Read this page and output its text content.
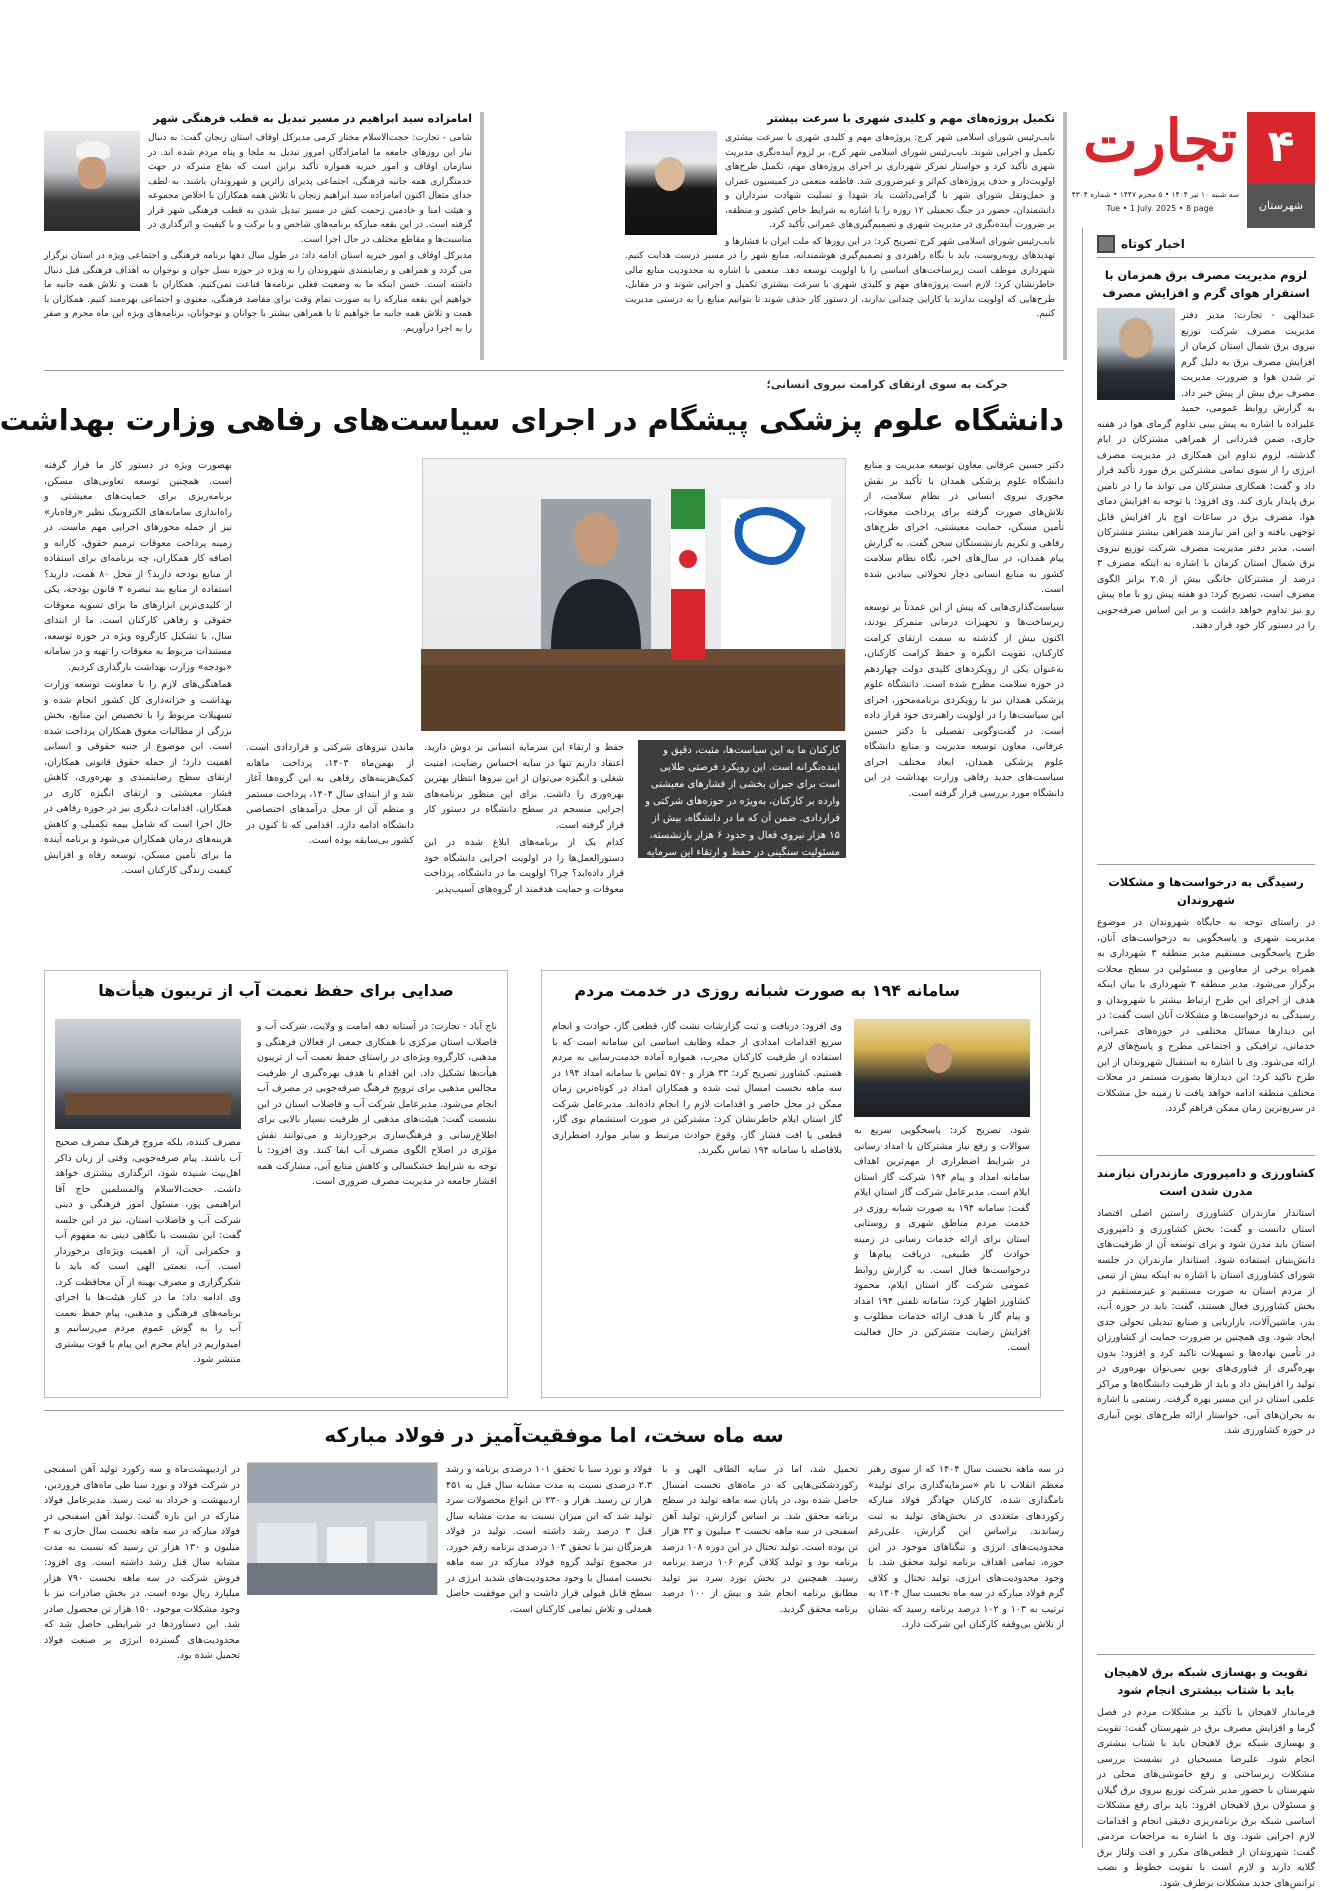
۴
شهرستان
تجارت
سه شنبه ۱۰ تیر ۱۴۰۴ • ۵ محرم ۱۴۴۷ • شماره ۴۳۰۴
Tue • 1 July. 2025 • 8 page
اخبار کوتاه
لزوم مدیریت مصرف برق همزمان با استقرار هوای گرم و افزایش مصرف
عبدالهی - تجارت: مدیر دفتر مدیریت مصرف شرکت توزیع نیروی برق شمال استان کرمان از افزایش مصرف برق به دلیل گرم تر شدن هوا و ضرورت مدیریت مصرف برق بیش از پیش خبر داد. به گزارش روابط عمومی، حمید علیزاده با اشاره به پیش بینی تداوم گرمای هوا در هفته جاری، ضمن قدردانی از همراهی مشترکان در ایام گذشته، لزوم تداوم این همکاری در مدیریت مصرف انرژی را از سوی تمامی مشترکین برق مورد تأکید قرار داد و گفت: همکاری مشترکان می تواند ما را در تامین برق پایدار یاری کند. وی افزود: با توجه به افزایش دمای هوا، مصرف برق در ساعات اوج بار افزایش قابل توجهی یافته و این امر نیازمند همراهی بیشتر مشترکان است. مدیر دفتر مدیریت مصرف شرکت توزیع نیروی برق شمال استان کرمان با اشاره به اینکه مصرف ۳ درصد از مشترکان خانگی بیش از ۲.۵ برابر الگوی مصرف است، تصریح کرد: دو هفته پیش رو با ماه پیش رو نیز تداوم خواهد داشت و بر این اساس صرفه‌جویی را در دستور کار خود قرار دهند.
رسیدگی به درخواست‌ها و مشکلات شهروندان
در راستای توجه به جایگاه شهروندان در موضوع مدیریت شهری و پاسخگویی به درخواست‌های آنان، طرح پاسخگویی مستقیم مدیر منطقه ۳ شهرداری به همراه برخی از معاونین و مسئولین در سطح محلات برگزار می‌شود. مدیر منطقه ۳ شهرداری با بیان اینکه هدف از اجرای این طرح ارتباط بیشتر با شهروندان و رسیدگی به درخواست‌ها و مشکلات آنان است گفت: در این دیدارها مسائل مختلفی در حوزه‌های عمرانی، خدماتی، ترافیکی و اجتماعی مطرح و پاسخ‌های لازم ارائه می‌شود. وی با اشاره به استقبال شهروندان از این طرح تاکید کرد: این دیدارها بصورت مستمر در محلات مختلف منطقه ادامه خواهد یافت تا زمینه حل مشکلات در سریع‌ترین زمان ممکن فراهم گردد.
کشاورزی و دامپروری مازندران نیازمند مدرن شدن است
استاندار مازندران کشاورزی راستین اصلی اقتصاد استان دانست و گفت: بخش کشاورزی و دامپروری استان باید مدرن شود و برای توسعه آن از ظرفیت‌های دانش‌بنیان استفاده شود. استاندار مازندران در جلسه شورای کشاورزی استان با اشاره به اینکه بیش از نیمی از مردم استان به صورت مستقیم و غیرمستقیم در بخش کشاورزی فعال هستند، گفت: باید در حوزه آب، بذر، ماشین‌آلات، بازاریابی و صنایع تبدیلی تحولی جدی ایجاد شود. وی همچنین بر ضرورت حمایت از کشاورزان در تأمین نهاده‌ها و تسهیلات تاکید کرد و افزود: بدون بهره‌گیری از فناوری‌های نوین نمی‌توان بهره‌وری در تولید را افزایش داد و باید از ظرفیت دانشگاه‌ها و مراکز علمی استان در این مسیر بهره گرفت. رستمی با اشاره به بحران‌های آبی، خواستار ارائه طرح‌های نوین آبیاری در حوزه کشاورزی شد.
تقویت و بهسازی شبکه برق لاهیجان باید با شتاب بیشتری انجام شود
فرماندار لاهیجان با تأکید بر مشکلات مردم در فصل گرما و افزایش مصرف برق در شهرستان گفت: تقویت و بهسازی شبکه برق لاهیجان باید با شتاب بیشتری انجام شود. علیرضا مسیحیان در نشست بررسی مشکلات زیرساختی و رفع خاموشی‌های محلی در شهرستان با حضور مدیر شرکت توزیع نیروی برق گیلان و مسئولان برق لاهیجان افزود: باید برای رفع مشکلات اساسی شبکه برق برنامه‌ریزی دقیقی انجام و اقدامات لازم اجرایی شود. وی با اشاره به مراجعات مردمی گفت: شهروندان از قطعی‌های مکرر و افت ولتاژ برق گلایه دارند و لازم است با تقویت خطوط و نصب ترانس‌های جدید مشکلات برطرف شود.
تکمیل پروژه‌های مهم و کلیدی شهری با سرعت بیشتر

نایب‌رئیس شورای اسلامی شهر کرج: پروژه‌های مهم و کلیدی شهری با سرعت بیشتری تکمیل و اجرایی شوند. نایب‌رئیس شورای اسلامی شهر کرج، بر لزوم آینده‌نگری مدیریت شهری تأکید کرد و خواستار تمرکز شهرداری بر اجرای پروژه‌های مهم، تکمیل طرح‌های اولویت‌دار و حذف پروژه‌های کم‌اثر و غیرضروری شد. فاطمه منعمی در کمیسیون عمران و حمل‌ونقل شورای شهر با گرامی‌داشت یاد شهدا و تسلیت شهادت سرداران و دانشمندان، حضور در جنگ تحمیلی ۱۲ روزه را با اشاره به شرایط خاص کشور و منطقه، بر ضرورت آینده‌نگری در مدیریت شهری و تصمیم‌گیری‌های عمرانی تأکید کرد.

نایب‌رئیس شورای اسلامی شهر کرج تصریح کرد: در این روزها که ملت ایران با فشارها و تهدیدهای روبه‌روست، باید با نگاه راهبردی و تصمیم‌گیری هوشمندانه، منابع شهر را در مسیر درست هدایت کنیم. شهرداری موظف است زیرساخت‌های اساسی را با اولویت توسعه دهد. منعمی با اشاره به محدودیت منابع مالی خاطرنشان کرد: لازم است پروژه‌های مهم و کلیدی شهری با سرعت بیشتری تکمیل و اجرایی شوند و در مقابل، طرح‌هایی که اولویت ندارند یا کارایی چندانی ندارند، از دستور کار حذف شوند تا بتوانیم منابع را به درستی مدیریت کنیم.

امامزاده سید ابراهیم در مسیر تبدیل به قطب فرهنگی شهر

شامی - تجارت: حجت‌الاسلام مختار کرمی مدیرکل اوقاف استان زنجان گفت: به دنبال نیاز این روزهای جامعه ما امامزادگان امروز تبدیل به ملجا و پناه مردم شده اند. در سازمان اوقاف و امور خیریه همواره تأکید براین است که بقاع متبرکه در جهت خدمتگزاری همه جانبه فرهنگی، اجتماعی پذیرای زائرین و شهروندان باشند. به لطف خدای متعال اکنون امامزاده سید ابراهیم زنجان با تلاش همه همکاران با اخلاص مجموعه و هیئت امنا و خادمین زحمت کش در مسیر تبدیل شدن به قطب فرهنگی شهر قرار گرفته است. در این بقعه مبارکه برنامه‌های شاخص و با برکت و با کیفیت و اثرگذاری در مناسبت‌ها و مقاطع مختلف در حال اجرا است.

مدیرکل اوقاف و امور خیریه استان ادامه داد: در طول سال دهها برنامه فرهنگی و اجتماعی ویژه در استان برگزار می گردد و همراهی و رضایتمندی شهروندان را به ویژه در حوزه نسل جوان و نوجوان به اهداف فرهنگی قبل دنبال داشته است. خسن اینکه ما به وضعیت فعلی برنامه‌ها قناعت نمی‌کنیم. همکاران با همت و تلاش همه جانبه ما خواهیم این بقعه مبارکه را به صورت تمام وقت برای مقاصد فرهنگی، معنوی و اجتماعی بهره‌مند کنیم. همکاران با همت و تلاش همه جانبه ما خواهیم تا با همراهی بیشتر با جوانان و نوجوانان، برنامه‌های ویژه این ماه محرم و صفر را به اجرا درآوریم.

حرکت به سوی ارتقای کرامت نیروی انسانی؛
دانشگاه علوم پزشکی پیشگام در اجرای سیاست‌های رفاهی وزارت بهداشت

دکتر حسین عرفانی معاون توسعه مدیریت و منابع دانشگاه علوم پزشکی همدان با تأکید بر نقش محوری نیروی انسانی در نظام سلامت، از تلاش‌های صورت گرفته برای پرداخت معوقات، تأمین مسکن، حمایت معیشتی، اجرای طرح‌های رفاهی و تکریم بازنشستگان سخن گفت. به گزارش پیام همدان، در سال‌های اخیر، نگاه نظام سلامت کشور به منابع انسانی دچار تحولاتی بنیادین شده است.

سیاست‌گذاری‌هایی که پیش از این عمدتاً بر توسعه زیرساخت‌ها و تجهیزات درمانی متمرکز بودند، اکنون بیش از گذشته به سمت ارتقای کرامت کارکنان، تقویت انگیزه و حفظ کرامت کارکنان، به‌عنوان یکی از رویکردهای کلیدی دولت چهاردهم در حوزه سلامت مطرح شده است. دانشگاه علوم پزشکی همدان نیز با رویکردی برنامه‌محور، اجرای این سیاست‌ها را در اولویت راهبردی خود قرار داده است. در گفت‌وگویی تفصیلی با دکتر حسین عرفانی، معاون توسعه مدیریت و منابع دانشگاه علوم پزشکی همدان، ابعاد مختلف اجرای سیاست‌های جدید رفاهی وزارت بهداشت در این دانشگاه مورد بررسی قرار گرفته است.

حفظ و ارتقاء این سرمایه انسانی بر دوش دارید. اعتقاد داریم تنها در سایه احساس رضایت، امنیت شغلی و انگیزه می‌توان از این نیروها انتظار بهترین بهره‌وری را داشت. برای این منظور برنامه‌های اجرایی منسجم در سطح دانشگاه در دستور کار قرار گرفته است.

کدام یک از برنامه‌های ابلاغ شده در این دستورالعمل‌ها را در اولویت اجرایی دانشگاه خود قرار داده‌اید؟ چرا؟ اولویت ما در دانشگاه، پرداخت معوقات و حمایت هدفمند از گروه‌های آسیب‌پذیر

کارکنان ما به این سیاست‌ها، مثبت، دقیق و اینده‌نگرانه است. این رویکرد فرصتی طلایی است برای جبران بخشی از فشارهای معیشتی وارده بر کارکنان، به‌ویژه در حوزه‌های شرکتی و قراردادی. ضمن آن که ما در دانشگاه، بیش از ۱۵ هزار نیروی فعال و حدود ۶ هزار بازنشسته، مسئولیت سنگینی در حفظ و ارتقاء این سرمایه انسانی بر دوش داریم

ماندن نیروهای شرکتی و قراردادی است. از بهمن‌ماه ۱۴۰۳، پرداخت ماهانه کمک‌هزینه‌های رفاهی به این گروه‌ها آغاز شد و از ابتدای سال ۱۴۰۴، پرداخت مستمر و منظم آن از محل درآمدهای اختصاصی دانشگاه ادامه دارد. اقدامی که تا کنون در کشور بی‌سابقه بوده است.

بهصورت ویژه در دستور کار ما قرار گرفته است. همچنین توسعه تعاونی‌های مسکن، برنامه‌ریزی برای حمایت‌های معیشتی و راه‌اندازی سامانه‌های الکترونیک نظیر «رفاه‌یار» نیز از جمله محورهای اجرایی مهم ماست. در زمینه پرداخت معوقات ترمیم حقوق، کارانه و اضافه کار همکاران، چه برنامه‌ای برای استفاده از منابع بودجه دارید؟ از محل ۸۰ همت، دارید؟ استفاده از منابع بند تبصره ۴ قانون بودجه، یکی از کلیدی‌ترین ابزارهای ما برای تسویه معوقات حقوقی و رفاهی کارکنان است. ما از ابتدای سال، با تشکیل کارگروه ویژه در حوزه توسعه، مستندات مربوط به معوقات را تهیه و در سامانه «بودجه» وزارت بهداشت بارگذاری کردیم.

هماهنگی‌های لازم را با معاونت توسعه وزارت بهداشت و خزانه‌داری کل کشور انجام شده و تسهیلات مربوط را با تخصیص این منابع، بخش بزرگی از مطالبات معوق همکاران پرداخت شده است. این موضوع از جنبه حقوقی و انسانی اهمیت دارد؛ از جمله حقوق قانونی همکاران، ارتقای سطح رضایتمندی و بهره‌وری، کاهش فشار معیشتی و ارتقای انگیزه کاری در همکاران. اقدامات دیگری نیز در حوزه رفاهی در حال اجرا است که شامل بیمه تکمیلی و کاهش هزینه‌های درمان همکاران می‌شود و برنامه آینده ما برای تأمین مسکن، توسعه رفاه و افزایش کیفیت زندگی کارکنان است.

سامانه ۱۹۴ به صورت شبانه روزی در خدمت مردم

شود، تصریح کرد: پاسخگویی سریع به سوالات و رفع نیاز مشترکان با امداد رسانی در شرایط اضطراری از مهم‌ترین اهداف سامانه امداد و پیام ۱۹۴ شرکت گاز استان ایلام است. مدیرعامل شرکت گاز استان ایلام گفت: سامانه ۱۹۴ به صورت شبانه روزی در خدمت مردم مناطق شهری و روستایی استان برای ارائه خدمات رسانی در زمینه حوادث گاز طبیعی، دریافت پیام‌ها و درخواست‌ها فعال است. به گزارش روابط عمومی شرکت گاز استان ایلام، محمود کشاورز اظهار کرد: سامانه تلفنی ۱۹۴ امداد و پیام گاز با هدف ارائه خدمات مطلوب و افزایش رضایت مشترکین در حال فعالیت است.

وی افزود: دریافت و ثبت گزارشات نشت گاز، قطعی گاز، حوادث و انجام سریع اقدامات امدادی از جمله وظایف اساسی این سامانه است که با استفاده از ظرفیت کارکنان مجرب، همواره آماده خدمت‌رسانی به مردم هستیم. کشاورز تصریح کرد: ۳۳ هزار و ۵۷۰ تماس با سامانه امداد ۱۹۴ در سه ماهه نخست امسال ثبت شده و همکاران امداد در کوتاه‌ترین زمان ممکن در محل حاضر و اقدامات لازم را انجام داده‌اند. مدیرعامل شرکت گاز استان ایلام خاطرنشان کرد: مشترکین در صورت استشمام بوی گاز، قطعی یا افت فشار گاز، وقوع حوادث مرتبط و سایر موارد اضطراری بلافاصله با سامانه ۱۹۴ تماس بگیرند.

صدایی برای حفظ نعمت آب از تریبون هیأت‌ها

ناج آباد - تجارت: در آستانه دهه امامت و ولایت، شرکت آب و فاضلاب استان مرکزی با همکاری جمعی از فعالان فرهنگی و مذهبی، کارگروه ویژه‌ای در راستای حفظ نعمت آب از تریبون هیأت‌ها تشکیل داد. این اقدام با هدف بهره‌گیری از ظرفیت مجالس مذهبی برای ترویج فرهنگ صرفه‌جویی در مصرف آب انجام می‌شود. مدیرعامل شرکت آب و فاضلاب استان در این نشست گفت: هیئت‌های مذهبی از ظرفیت بسیار بالایی برای اطلاع‌رسانی و فرهنگ‌سازی برخوردارند و می‌توانند نقش مؤثری در اصلاح الگوی مصرف آب ایفا کنند. وی افزود: با توجه به شرایط خشکسالی و کاهش منابع آبی، مشارکت همه اقشار جامعه در مدیریت مصرف ضروری است.

مصرف کننده، بلکه مروج فرهنگ مصرف صحیح آب باشند. پیام صرفه‌جویی، وقتی از زبان ذاکر اهل‌بیت شنیده شود، اثرگذاری بیشتری خواهد داشت. حجت‌الاسلام والمسلمین حاج آقا ابراهیمی پور، مسئول امور فرهنگی و دینی شرکت آب و فاضلاب استان، نیز در این جلسه گفت: این نشست با نگاهی دینی به مفهوم آب و حکمرانی آن، از اهمیت ویژه‌ای برخوردار است. آب، نعمتی الهی است که باید با شکرگزاری و مصرف بهینه از آن محافظت کرد. وی ادامه داد: ما در کنار هیئت‌ها با اجرای برنامه‌های فرهنگی و مذهبی، پیام حفظ نعمت آب را به گوش عموم مردم می‌رسانیم و امیدواریم در ایام محرم این پیام با قوت بیشتری منتشر شود.

سه ماه سخت، اما موفقیت‌آمیز در فولاد مبارکه

در سه ماهه نخست سال ۱۴۰۴ که از سوی رهبر معظم انقلاب با نام «سرمایه‌گذاری برای تولید» نامگذاری شده، کارکنان جهادگر فولاد مبارکه رکوردهای متعددی در بخش‌های تولید به ثبت رساندند. براساس این گزارش، علی‌رغم محدودیت‌های انرژی و تنگناهای موجود در این حوزه، تمامی اهداف برنامه تولید محقق شد. با وجود محدودیت‌های انرژی، تولید تختال و کلاف گرم فولاد مبارکه در سه ماه نخست سال ۱۴۰۴ به ترتیب به ۱۰۳ و ۱۰۲ درصد برنامه رسید که نشان از تلاش بی‌وقفه کارکنان این شرکت دارد.

تحمیل شد، اما در سایه الطاف الهی و با رکوردشکنی‌هایی که در ماه‌های نخست امسال حاصل شده بود، در پایان سه ماهه تولید در سطح برنامه محقق شد. بر اساس گزارش، تولید آهن اسفنجی در سه ماهه نخست ۳ میلیون و ۳۳ هزار تن بوده است. تولید تختال در این دوره ۱۰۸ درصد برنامه بود و تولید کلاف گرم ۱۰۶ درصد برنامه رسید. همچنین در بخش نورد سرد نیز تولید مطابق برنامه انجام شد و بیش از ۱۰۰ درصد برنامه محقق گردید.

فولاد و نورد سبا با تحقق ۱۰۱ درصدی برنامه و رشد ۲.۳ درصدی نسبت به مدت مشابه سال قبل به ۴۵۱ هزار تن رسید. هزار و ۲۳۰ تن انواع محصولات سرد تولید شد که این میزان نسبت به مدت مشابه سال قبل ۳ درصد رشد داشته است. تولید در فولاد هرمزگان نیز با تحقق ۱۰۳ درصدی برنامه رقم خورد. در مجموع تولید گروه فولاد مبارکه در سه ماهه نخست امسال با وجود محدودیت‌های شدید انرژی در سطح قابل قبولی قرار داشت و این موفقیت حاصل همدلی و تلاش تمامی کارکنان است.

در اردیبهشت‌ماه و سه رکورد تولید آهن اسفنجی در شرکت فولاد و نورد سبا طی ماه‌های فروردین، اردیبهشت و خرداد به ثبت رسید. مدیرعامل فولاد مبارکه در این باره گفت: تولید آهن اسفنجی در فولاد مبارکه در سه ماهه نخست سال جاری به ۳ میلیون و ۱۳۰ هزار تن رسید که نسبت به مدت مشابه سال قبل رشد داشته است. وی افزود: فروش شرکت در سه ماهه نخست ۷۹۰ هزار میلیارد ریال بوده است. در بخش صادرات نیز با وجود مشکلات موجود، ۱۵۰ هزار تن محصول صادر شد. این دستاوردها در شرایطی حاصل شد که محدودیت‌های گسترده انرژی بر صنعت فولاد تحمیل شده بود.
